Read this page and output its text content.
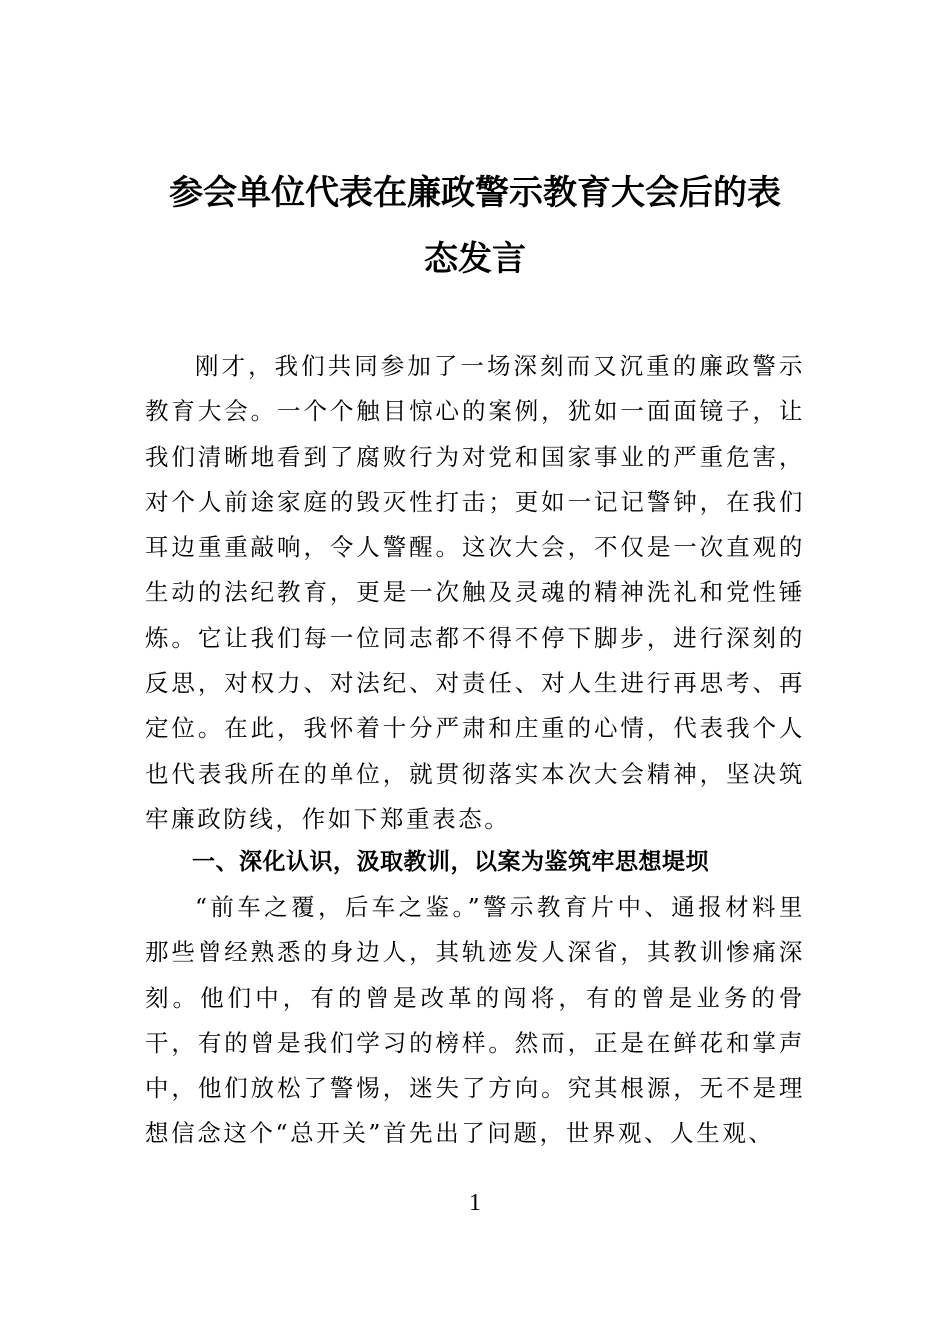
参会单位代表在廉政警示教育大会后的表
态发言

刚才，我们共同参加了一场深刻而又沉重的廉政警示教育大会。一个个触目惊心的案例，犹如一面面镜子，让我们清晰地看到了腐败行为对党和国家事业的严重危害，对个人前途家庭的毁灭性打击；更如一记记警钟，在我们耳边重重敲响，令人警醒。这次大会，不仅是一次直观的生动的法纪教育，更是一次触及灵魂的精神洗礼和党性锤炼。它让我们每一位同志都不得不停下脚步，进行深刻的反思，对权力、对法纪、对责任、对人生进行再思考、再定位。在此，我怀着十分严肃和庄重的心情，代表我个人也代表我所在的单位，就贯彻落实本次大会精神，坚决筑牢廉政防线，作如下郑重表态。

一、深化认识，汲取教训，以案为鉴筑牢思想堤坝

“前车之覆，后车之鉴。”警示教育片中、通报材料里那些曾经熟悉的身边人，其轨迹发人深省，其教训惨痛深刻。他们中，有的曾是改革的闯将，有的曾是业务的骨干，有的曾是我们学习的榜样。然而，正是在鲜花和掌声中，他们放松了警惕，迷失了方向。究其根源，无不是理想信念这个“总开关”首先出了问题，世界观、人生观、

1
